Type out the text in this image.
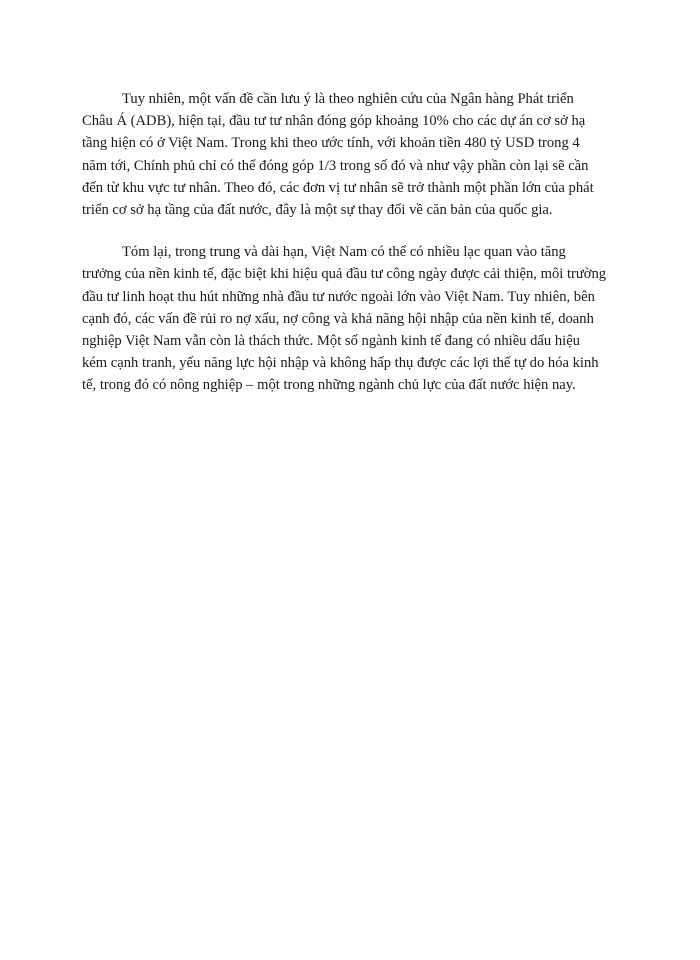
Tuy nhiên, một vấn đề cần lưu ý là theo nghiên cứu của Ngân hàng Phát triển
Châu Á (ADB), hiện tại, đầu tư tư nhân đóng góp khoảng 10% cho các dự án cơ sở hạ
tầng hiện có ở Việt Nam. Trong khi theo ước tính, với khoản tiền 480 tỷ USD trong 4
năm tới, Chính phủ chỉ có thể đóng góp 1/3 trong số đó và như vậy phần còn lại sẽ cần
đến từ khu vực tư nhân. Theo đó, các đơn vị tư nhân sẽ trở thành một phần lớn của phát
triển cơ sở hạ tầng của đất nước, đây là một sự thay đổi về căn bản của quốc gia.

Tóm lại, trong trung và dài hạn, Việt Nam có thể có nhiều lạc quan vào tăng
trưởng của nền kinh tế, đặc biệt khi hiệu quả đầu tư công ngày được cải thiện, môi trường
đầu tư linh hoạt thu hút những nhà đầu tư nước ngoài lớn vào Việt Nam. Tuy nhiên, bên
cạnh đó, các vấn đề rủi ro nợ xấu, nợ công và khả năng hội nhập của nền kinh tế, doanh
nghiệp Việt Nam vẫn còn là thách thức. Một số ngành kinh tế đang có nhiều dấu hiệu
kém cạnh tranh, yếu năng lực hội nhập và không hấp thụ được các lợi thế tự do hóa kinh
tế, trong đó có nông nghiệp – một trong những ngành chủ lực của đất nước hiện nay.
